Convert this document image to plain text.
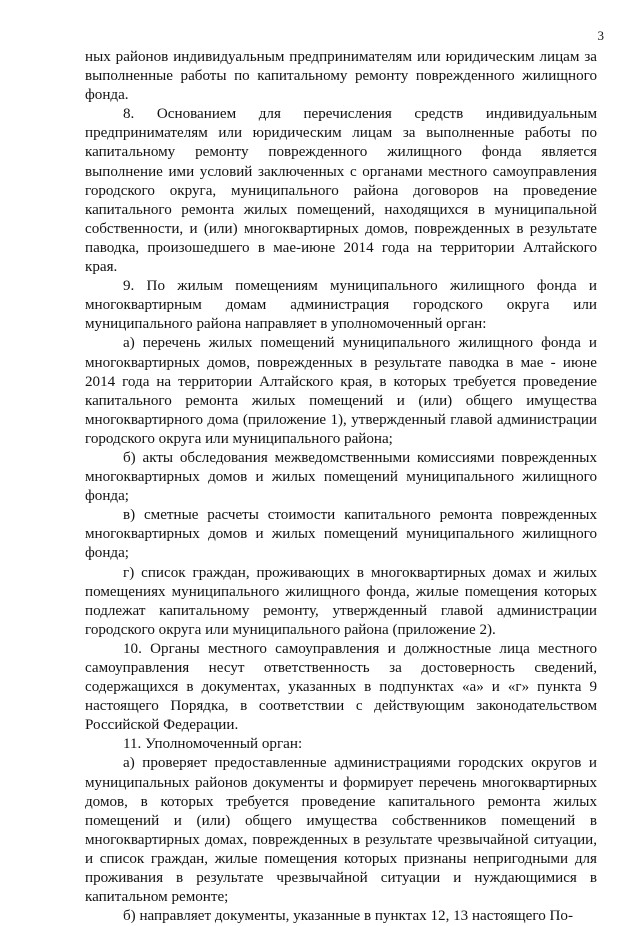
3

ных районов индивидуальным предпринимателям или юридическим лицам за выполненные работы по капитальному ремонту поврежденного жилищного фонда.

8. Основанием для перечисления средств индивидуальным предпринимателям или юридическим лицам за выполненные работы по капитальному ремонту поврежденного жилищного фонда является выполнение ими условий заключенных с органами местного самоуправления городского округа, муниципального района договоров на проведение капитального ремонта жилых помещений, находящихся в муниципальной собственности, и (или) многоквартирных домов, поврежденных в результате паводка, произошедшего в мае-июне 2014 года на территории Алтайского края.

9. По жилым помещениям муниципального жилищного фонда и многоквартирным домам администрация городского округа или муниципального района направляет в уполномоченный орган:

а) перечень жилых помещений муниципального жилищного фонда и многоквартирных домов, поврежденных в результате паводка в мае - июне 2014 года на территории Алтайского края, в которых требуется проведение капитального ремонта жилых помещений и (или) общего имущества многоквартирного дома (приложение 1), утвержденный главой администрации городского округа или муниципального района;

б) акты обследования межведомственными комиссиями поврежденных многоквартирных домов и жилых помещений муниципального жилищного фонда;

в) сметные расчеты стоимости капитального ремонта поврежденных многоквартирных домов и жилых помещений муниципального жилищного фонда;

г) список граждан, проживающих в многоквартирных домах и жилых помещениях муниципального жилищного фонда, жилые помещения которых подлежат капитальному ремонту, утвержденный главой администрации городского округа или муниципального района (приложение 2).

10. Органы местного самоуправления и должностные лица местного самоуправления несут ответственность за достоверность сведений, содержащихся в документах, указанных в подпунктах «а» и «г» пункта 9 настоящего Порядка, в соответствии с действующим законодательством Российской Федерации.

11. Уполномоченный орган:

а) проверяет предоставленные администрациями городских округов и муниципальных районов документы и формирует перечень многоквартирных домов, в которых требуется проведение капитального ремонта жилых помещений и (или) общего имущества собственников помещений в многоквартирных домах, поврежденных в результате чрезвычайной ситуации, и список граждан, жилые помещения которых признаны непригодными для проживания в результате чрезвычайной ситуации и нуждающимися в капитальном ремонте;

б) направляет документы, указанные в пунктах 12, 13 настоящего По-
